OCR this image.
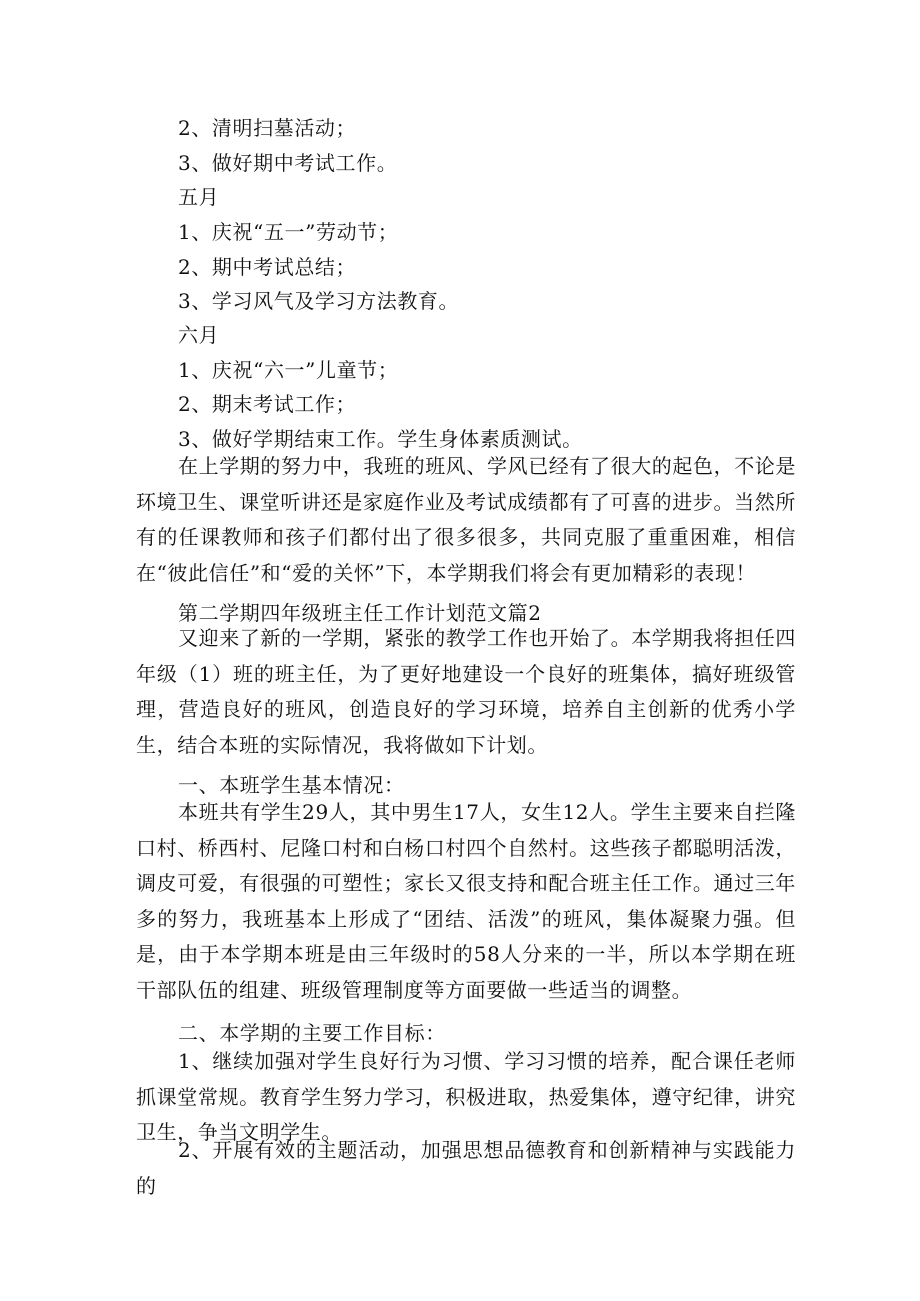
2、清明扫墓活动；
3、做好期中考试工作。
五月
1、庆祝“五一”劳动节；
2、期中考试总结；
3、学习风气及学习方法教育。
六月
1、庆祝“六一”儿童节；
2、期末考试工作；
3、做好学期结束工作。学生身体素质测试。

在上学期的努力中，我班的班风、学风已经有了很大的起色，不论是环境卫生、课堂听讲还是家庭作业及考试成绩都有了可喜的进步。当然所有的任课教师和孩子们都付出了很多很多，共同克服了重重困难，相信在“彼此信任”和“爱的关怀”下，本学期我们将会有更加精彩的表现！

第二学期四年级班主任工作计划范文篇2

又迎来了新的一学期，紧张的教学工作也开始了。本学期我将担任四年级（1）班的班主任，为了更好地建设一个良好的班集体，搞好班级管理，营造良好的班风，创造良好的学习环境，培养自主创新的优秀小学生，结合本班的实际情况，我将做如下计划。

一、本班学生基本情况：

本班共有学生29人，其中男生17人，女生12人。学生主要来自拦隆口村、桥西村、尼隆口村和白杨口村四个自然村。这些孩子都聪明活泼，调皮可爱，有很强的可塑性；家长又很支持和配合班主任工作。通过三年多的努力，我班基本上形成了“团结、活泼”的班风，集体凝聚力强。但是，由于本学期本班是由三年级时的58人分来的一半，所以本学期在班干部队伍的组建、班级管理制度等方面要做一些适当的调整。

二、本学期的主要工作目标：

1、继续加强对学生良好行为习惯、学习习惯的培养，配合课任老师抓课堂常规。教育学生努力学习，积极进取，热爱集体，遵守纪律，讲究卫生，争当文明学生。

2、开展有效的主题活动，加强思想品德教育和创新精神与实践能力的
